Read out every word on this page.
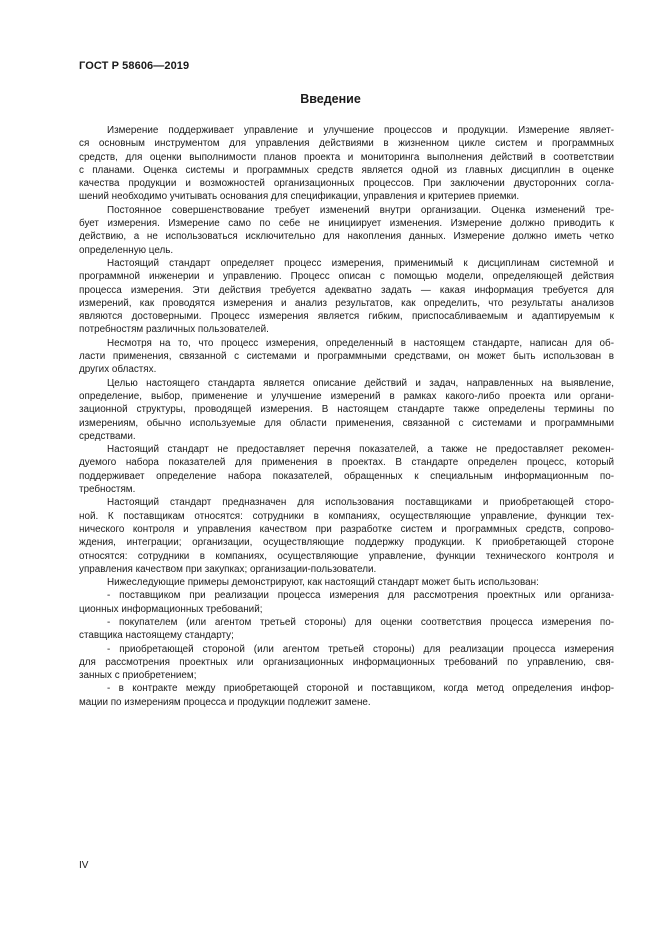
ГОСТ Р 58606—2019
Введение
Измерение поддерживает управление и улучшение процессов и продукции. Измерение являет-
ся основным инструментом для управления действиями в жизненном цикле систем и программных
средств, для оценки выполнимости планов проекта и мониторинга выполнения действий в соответствии
с планами. Оценка системы и программных средств является одной из главных дисциплин в оценке
качества продукции и возможностей организационных процессов. При заключении двусторонних согла-
шений необходимо учитывать основания для спецификации, управления и критериев приемки.
Постоянное совершенствование требует изменений внутри организации. Оценка изменений тре-
бует измерения. Измерение само по себе не инициирует изменения. Измерение должно приводить к
действию, а не использоваться исключительно для накопления данных. Измерение должно иметь четко
определенную цель.
Настоящий стандарт определяет процесс измерения, применимый к дисциплинам системной и
программной инженерии и управлению. Процесс описан с помощью модели, определяющей действия
процесса измерения. Эти действия требуется адекватно задать — какая информация требуется для
измерений, как проводятся измерения и анализ результатов, как определить, что результаты анализов
являются достоверными. Процесс измерения является гибким, приспосабливаемым и адаптируемым к
потребностям различных пользователей.
Несмотря на то, что процесс измерения, определенный в настоящем стандарте, написан для об-
ласти применения, связанной с системами и программными средствами, он может быть использован в
других областях.
Целью настоящего стандарта является описание действий и задач, направленных на выявление,
определение, выбор, применение и улучшение измерений в рамках какого-либо проекта или органи-
зационной структуры, проводящей измерения. В настоящем стандарте также определены термины по
измерениям, обычно используемые для области применения, связанной с системами и программными
средствами.
Настоящий стандарт не предоставляет перечня показателей, а также не предоставляет рекомен-
дуемого набора показателей для применения в проектах. В стандарте определен процесс, который
поддерживает определение набора показателей, обращенных к специальным информационным по-
требностям.
Настоящий стандарт предназначен для использования поставщиками и приобретающей сторо-
ной. К поставщикам относятся: сотрудники в компаниях, осуществляющие управление, функции тех-
нического контроля и управления качеством при разработке систем и программных средств, сопрово-
ждения, интеграции; организации, осуществляющие поддержку продукции. К приобретающей стороне
относятся: сотрудники в компаниях, осуществляющие управление, функции технического контроля и
управления качеством при закупках; организации-пользователи.
Нижеследующие примеры демонстрируют, как настоящий стандарт может быть использован:
- поставщиком при реализации процесса измерения для рассмотрения проектных или организа-
ционных информационных требований;
- покупателем (или агентом третьей стороны) для оценки соответствия процесса измерения по-
ставщика настоящему стандарту;
- приобретающей стороной (или агентом третьей стороны) для реализации процесса измерения
для рассмотрения проектных или организационных информационных требований по управлению, свя-
занных с приобретением;
- в контракте между приобретающей стороной и поставщиком, когда метод определения инфор-
мации по измерениям процесса и продукции подлежит замене.
IV
